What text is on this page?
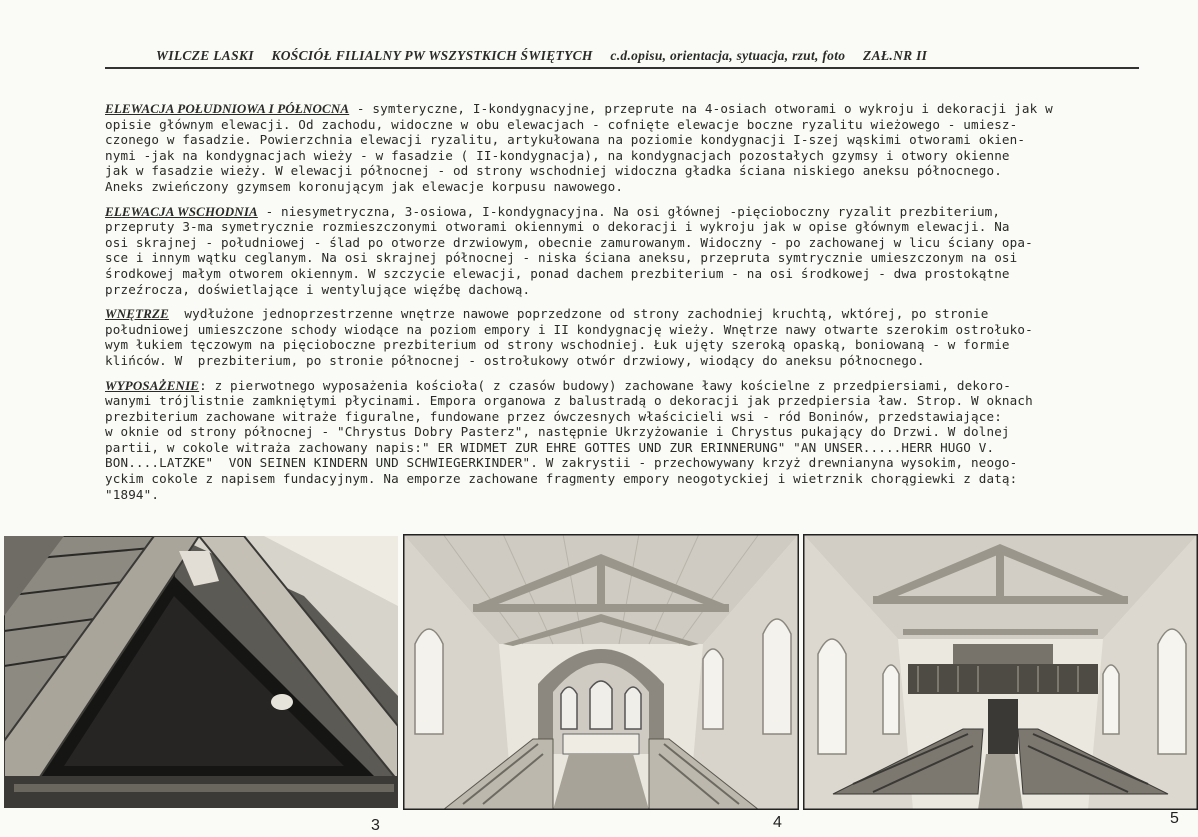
WILCZE LASKI KOŚCIÓŁ FILIALNY PW WSZYSTKICH ŚWIĘTYCH c.d.opisu, orientacja, sytuacja, rzut, foto ZAŁ.NR II
ELEWACJA POŁUDNIOWA I PÓŁNOCNA - symteryczne, I-kondygnacyjne, przeprute na 4-osiach otworami o wykroju i dekoracji jak w
opisie głównym elewacji. Od zachodu, widoczne w obu elewacjach - cofnięte elewacje boczne ryzalitu wieżowego - umiesz-
czonego w fasadzie. Powierzchnia elewacji ryzalitu, artykułowana na poziomie kondygnacji I-szej wąskimi otworami okien-
nymi -jak na kondygnacjach wieży - w fasadzie ( II-kondygnacja), na kondygnacjach pozostałych gzymsy i otwory okienne
jak w fasadzie wieży. W elewacji północnej - od strony wschodniej widoczna gładka ściana niskiego aneksu północnego.
Aneks zwieńczony gzymsem koronującym jak elewacje korpusu nawowego.
ELEWACJA WSCHODNIA - niesymetryczna, 3-osiowa, I-kondygnacyjna. Na osi głównej -pięcioboczny ryzalit prezbiterium,
przepruty 3-ma symetrycznie rozmieszczonymi otworami okiennymi o dekoracji i wykroju jak w opise głównym elewacji. Na
osi skrajnej - południowej - ślad po otworze drzwiowym, obecnie zamurowanym. Widoczny - po zachowanej w licu ściany opa-
sce i innym wątku ceglanym. Na osi skrajnej północnej - niska ściana aneksu, przepruta symtrycznie umieszczonym na osi
środkowej małym otworem okiennym. W szczycie elewacji, ponad dachem prezbiterium - na osi środkowej - dwa prostokątne
przeźrocza, doświetlające i wentylujące więźbę dachową.
WNĘTRZE  wydłużone jednoprzestrzenne wnętrze nawowe poprzedzone od strony zachodniej kruchtą, wktórej, po stronie
południowej umieszczone schody wiodące na poziom empory i II kondygnację wieży. Wnętrze nawy otwarte szerokim ostrołuko-
wym łukiem tęczowym na pięcioboczne prezbiterium od strony wschodniej. Łuk ujęty szeroką opaską, boniowaną - w formie
klińców. W  prezbiterium, po stronie północnej - ostrołukowy otwór drzwiowy, wiodący do aneksu północnego.
WYPOSAŻENIE: z pierwotnego wyposażenia kościoła( z czasów budowy) zachowane ławy kościelne z przedpiersiami, dekoro-
wanymi trójlistnie zamkniętymi płycinami. Empora organowa z balustradą o dekoracji jak przedpiersia ław. Strop. W oknach
prezbiterium zachowane witraże figuralne, fundowane przez ówczesnych właścicieli wsi - ród Boninów, przedstawiające:
w oknie od strony północnej - "Chrystus Dobry Pasterz", następnie Ukrzyżowanie i Chrystus pukający do Drzwi. W dolnej
partii, w cokole witraża zachowany napis:" ER WIDMET ZUR EHRE GOTTES UND ZUR ERINNERUNG" "AN UNSER.....HERR HUGO V.
BON....LATZKE"  VON SEINEN KINDERN UND SCHWIEGERKINDER". W zakrystii - przechowywany krzyż drewnianyna wysokim, neogo-
yckim cokole z napisem fundacyjnym. Na emporze zachowane fragmenty empory neogotyckiej i wietrznik chorągiewki z datą:
"1894".
3	4	5
